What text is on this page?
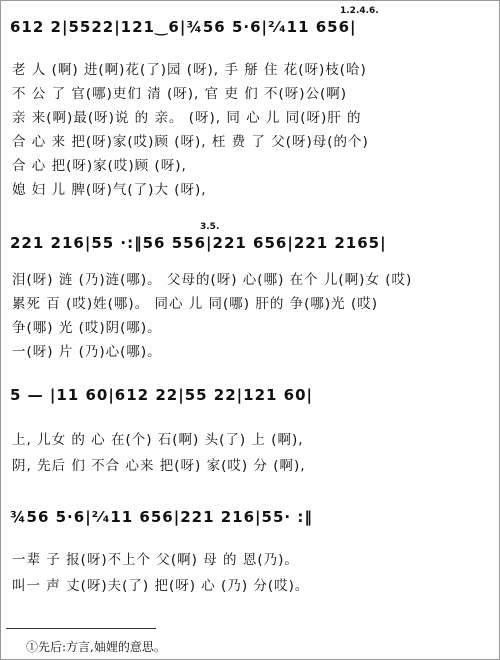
1.2.4.6.
612 2|5522|121‿6|¾56 5·6|²⁄₄11 656|
老 人 (啊) 进(啊)花(了)园 (呀), 手 掰 住 花(呀)枝(哈)
不 公 了 官(哪)吏们 清 (呀), 官 吏 们 不(呀)公(啊)
亲 来(啊)最(呀)说 的 亲。 (呀), 同 心 儿 同(呀)肝 的
合 心 来 把(呀)家(哎)顾 (呀), 枉 费 了 父(呀)母(的个)
合 心 把(呀)家(哎)顾 (呀),
媳 妇 儿 脾(呀)气(了)大 (呀),
3.5.
221 216|55 ·:‖56 556|221 656|221 2165|
泪(呀) 涟 (乃)涟(哪)。 父母的(呀) 心(哪) 在个 儿(啊)女 (哎)
累死 百 (哎)姓(哪)。 同心 儿 同(哪) 肝的 争(哪)光 (哎)
争(哪) 光 (哎)阴(哪)。
一(呀) 片 (乃)心(哪)。
5 — |11 60|612 22|55 22|121 60|
上, 儿女 的 心 在(个) 石(啊) 头(了) 上 (啊),
阴, 先后 们 不合 心来 把(呀) 家(哎) 分 (啊),
¾56 5·6|²⁄₄11 656|221 216|55· :‖
一辈 子 报(呀)不上个 父(啊) 母 的 恩(乃)。
叫一 声 丈(呀)夫(了) 把(呀) 心 (乃) 分(哎)。
①先后:方言,妯娌的意思。
